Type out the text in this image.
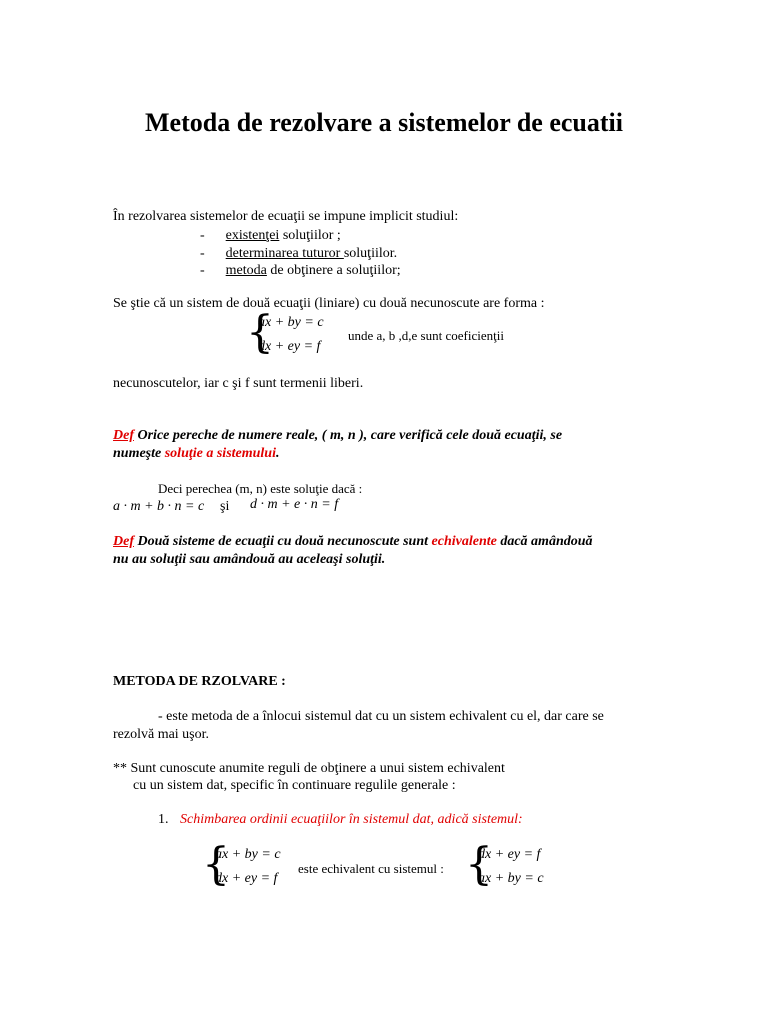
Metoda de rezolvare a sistemelor de ecuatii
În rezolvarea sistemelor de ecuaţii se impune implicit studiul:
- existenţei soluţiilor ;
- determinarea tuturor soluţiilor.
- metoda de obţinere a soluţiilor;
Se ştie că un sistem de două ecuaţii (liniare) cu două necunoscute are forma :
{
ax + by = c
dx + ey = f
unde a, b ,d,e sunt coeficienţii
necunoscutelor, iar c şi f sunt termenii liberi.
Def Orice pereche de numere reale, ( m, n ), care verifică cele două ecuaţii, se
numeşte soluţie a sistemului.
Deci perechea (m, n) este soluţie dacă :
a · m + b · n = c şi d · m + e · n = f
Def Două sisteme de ecuaţii cu două necunoscute sunt echivalente dacă amândouă
nu au soluţii sau amândouă au aceleaşi soluţii.
METODA DE RZOLVARE :
- este metoda de a înlocui sistemul dat cu un sistem echivalent cu el, dar care se
rezolvă mai uşor.
** Sunt cunoscute anumite reguli de obţinere a unui sistem echivalent
cu un sistem dat, specific în continuare regulile generale :
1. Schimbarea ordinii ecuaţiilor în sistemul dat, adică sistemul:
{
ax + by = c
dx + ey = f
este echivalent cu sistemul : {
dx + ey = f
ax + by = c
